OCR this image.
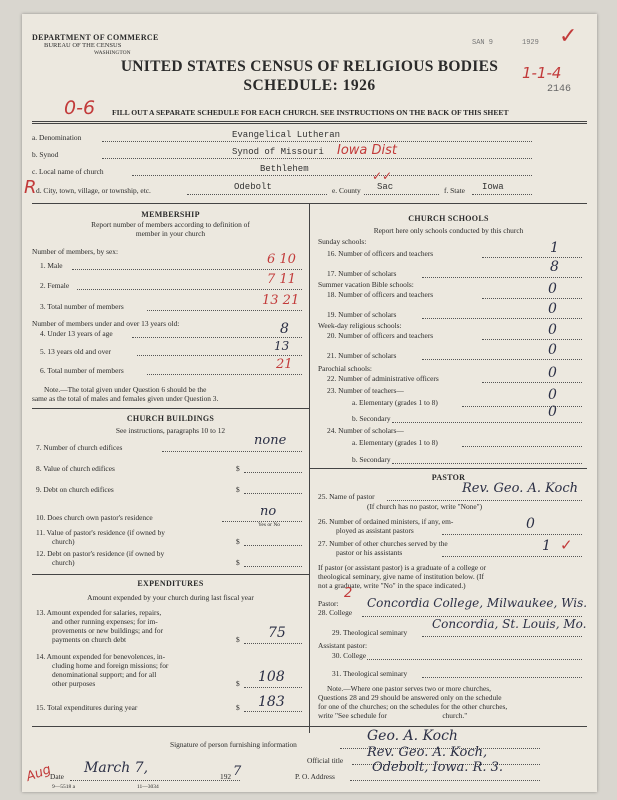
DEPARTMENT OF COMMERCE
BUREAU OF THE CENSUS
WASHINGTON
SAN 9	1929 ✓
1-1-4
2146
UNITED STATES CENSUS OF RELIGIOUS BODIES
SCHEDULE: 1926
0-6 FILL OUT A SEPARATE SCHEDULE FOR EACH CHURCH. SEE INSTRUCTIONS ON THE BACK OF THIS SHEET
a. Denomination	Evangelical Lutheran
b. Synod	Synod of Missouri Iowa Dist
c. Local name of church	Bethlehem
R d. City, town, village, or township, etc.	Odebolt	e. County Sac
✓✓
f. State Iowa
MEMBERSHIP
Report number of members according to definition of
member in your church
Number of members, by sex:
1. Male	6 10
2. Female	7 11
3. Total number of members	13 21
Number of members under and over 13 years old:
4. Under 13 years of age	8
5. 13 years old and over	13
6. Total number of members	21
Note.—The total given under Question 6 should be the
same as the total of males and females given under Question 3.
CHURCH BUILDINGS
See instructions, paragraphs 10 to 12
7. Number of church edifices	none
8. Value of church edifices	$
9. Debt on church edifices	$
10. Does church own pastor's residence	no
Yes or No
11. Value of pastor's residence (if owned by
church)	$
12. Debt on pastor's residence (if owned by
church)	$
EXPENDITURES
Amount expended by your church during last fiscal year
13. Amount expended for salaries, repairs,
and other running expenses; for im-
provements or new buildings; and for
payments on church debt	$ 75
14. Amount expended for benevolences, in-
cluding home and foreign missions; for
denominational support; and for all
other purposes	$ 108
15. Total expenditures during year	$ 183
CHURCH SCHOOLS
Report here only schools conducted by this church
Sunday schools:
16. Number of officers and teachers	1
17. Number of scholars	8
Summer vacation Bible schools:
18. Number of officers and teachers	0
19. Number of scholars	0
Week-day religious schools:
20. Number of officers and teachers	0
21. Number of scholars	0
Parochial schools:
22. Number of administrative officers	0
23. Number of teachers—
a. Elementary (grades 1 to 8)	0
b. Secondary	0
24. Number of scholars—
a. Elementary (grades 1 to 8)
b. Secondary
PASTOR
25. Name of pastor
Rev. Geo. A. Koch
(If church has no pastor, write "None")
26. Number of ordained ministers, if any, em-
ployed as assistant pastors	0
27. Number of other churches served by the
pastor or his assistants	1 ✓
If pastor (or assistant pastor) is a graduate of a college or
theological seminary, give name of institution below. (If
not a graduate, write "No" in the space indicated.)
Pastor:
2
28. College
Concordia College, Milwaukee, Wis.
29. Theological seminary
Concordia, St. Louis, Mo.
Assistant pastor:
30. College
31. Theological seminary
Note.—Where one pastor serves two or more churches,
Questions 28 and 29 should be answered only on the schedule
for one of the churches; on the schedules for the other churches,
write "See schedule for                              church."
Signature of person furnishing information
Geo. A. Koch
Official title
Rev. Geo. A. Koch,
Date
March 7,
192 7	P. O. Address
Odebolt, Iowa. R. 3.
9—5518 a	11—3034
Aug
